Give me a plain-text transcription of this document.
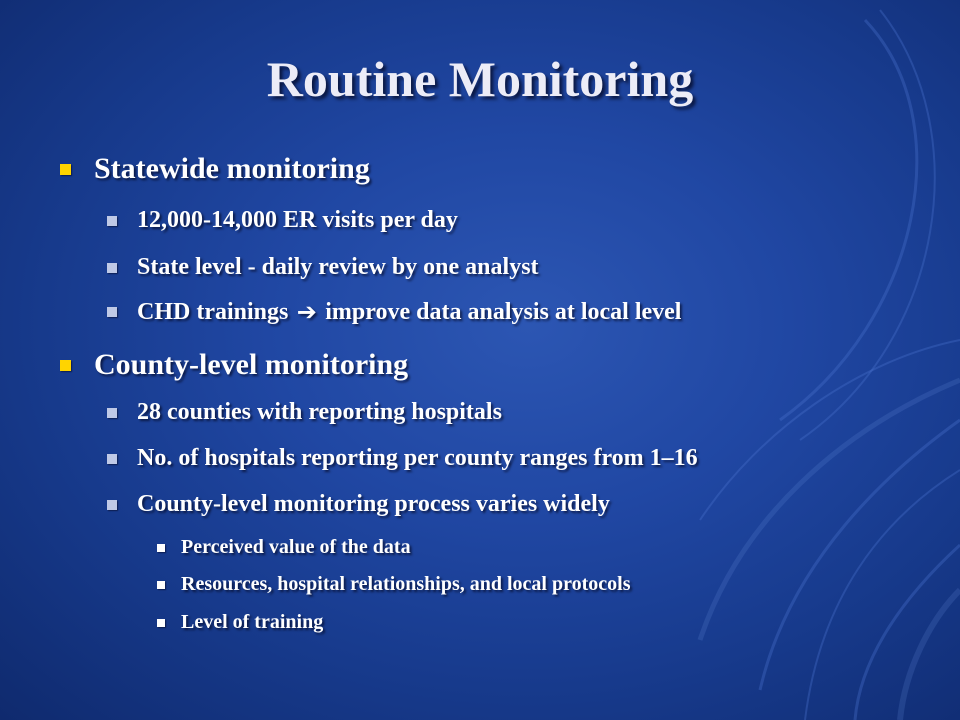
Routine Monitoring
Statewide monitoring
12,000-14,000 ER visits per day
State level - daily review by one analyst
CHD trainings ➔ improve data analysis at local level
County-level monitoring
28 counties with reporting hospitals
No. of hospitals reporting per county ranges from 1–16
County-level monitoring process varies widely
Perceived value of the data
Resources, hospital relationships, and local protocols
Level of training
